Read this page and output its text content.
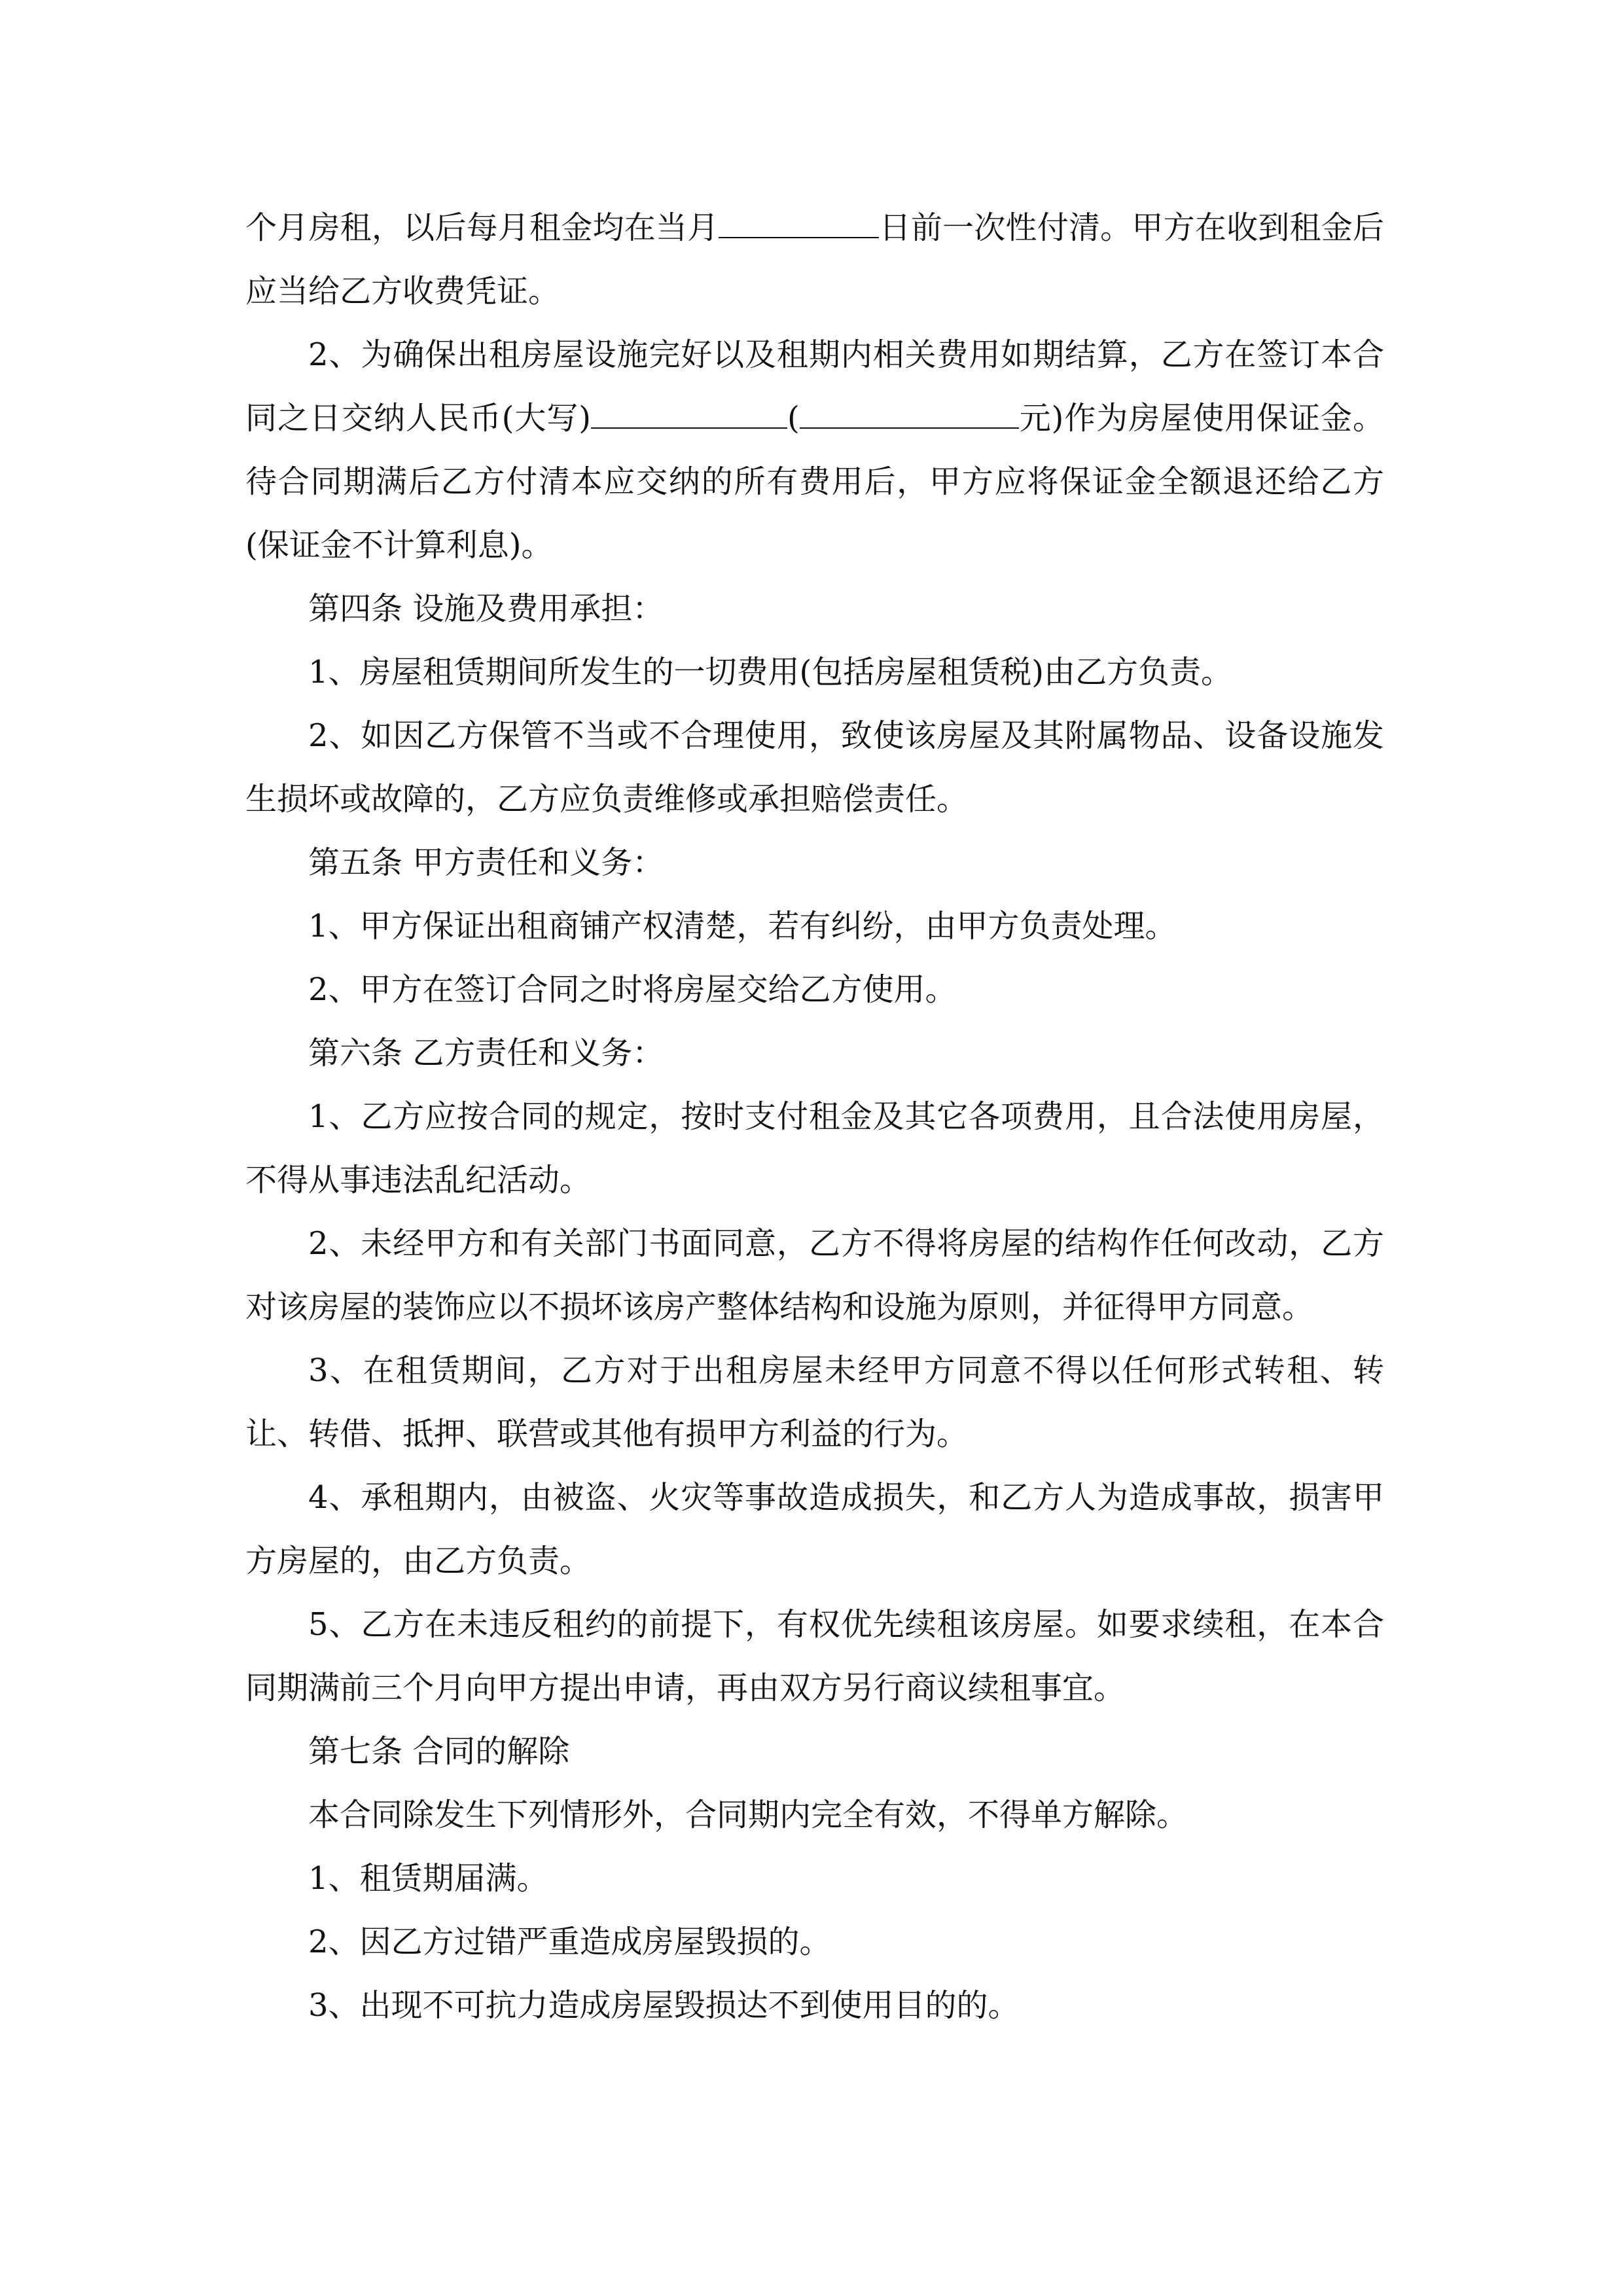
个月房租，以后每月租金均在当月	日前一次性付清。甲方在收到租金后应当给乙方收费凭证。

2、为确保出租房屋设施完好以及租期内相关费用如期结算，乙方在签订本合同之日交纳人民币(大写)	(	元)作为房屋使用保证金。待合同期满后乙方付清本应交纳的所有费用后，甲方应将保证金全额退还给乙方(保证金不计算利息)。

第四条 设施及费用承担：

1、房屋租赁期间所发生的一切费用(包括房屋租赁税)由乙方负责。

2、如因乙方保管不当或不合理使用，致使该房屋及其附属物品、设备设施发生损坏或故障的，乙方应负责维修或承担赔偿责任。

第五条 甲方责任和义务：

1、甲方保证出租商铺产权清楚，若有纠纷，由甲方负责处理。

2、甲方在签订合同之时将房屋交给乙方使用。

第六条 乙方责任和义务：

1、乙方应按合同的规定，按时支付租金及其它各项费用，且合法使用房屋，不得从事违法乱纪活动。

2、未经甲方和有关部门书面同意，乙方不得将房屋的结构作任何改动，乙方对该房屋的装饰应以不损坏该房产整体结构和设施为原则，并征得甲方同意。

3、在租赁期间，乙方对于出租房屋未经甲方同意不得以任何形式转租、转让、转借、抵押、联营或其他有损甲方利益的行为。

4、承租期内，由被盗、火灾等事故造成损失，和乙方人为造成事故，损害甲方房屋的，由乙方负责。

5、乙方在未违反租约的前提下，有权优先续租该房屋。如要求续租，在本合同期满前三个月向甲方提出申请，再由双方另行商议续租事宜。

第七条 合同的解除

本合同除发生下列情形外，合同期内完全有效，不得单方解除。

1、租赁期届满。

2、因乙方过错严重造成房屋毁损的。

3、出现不可抗力造成房屋毁损达不到使用目的的。
